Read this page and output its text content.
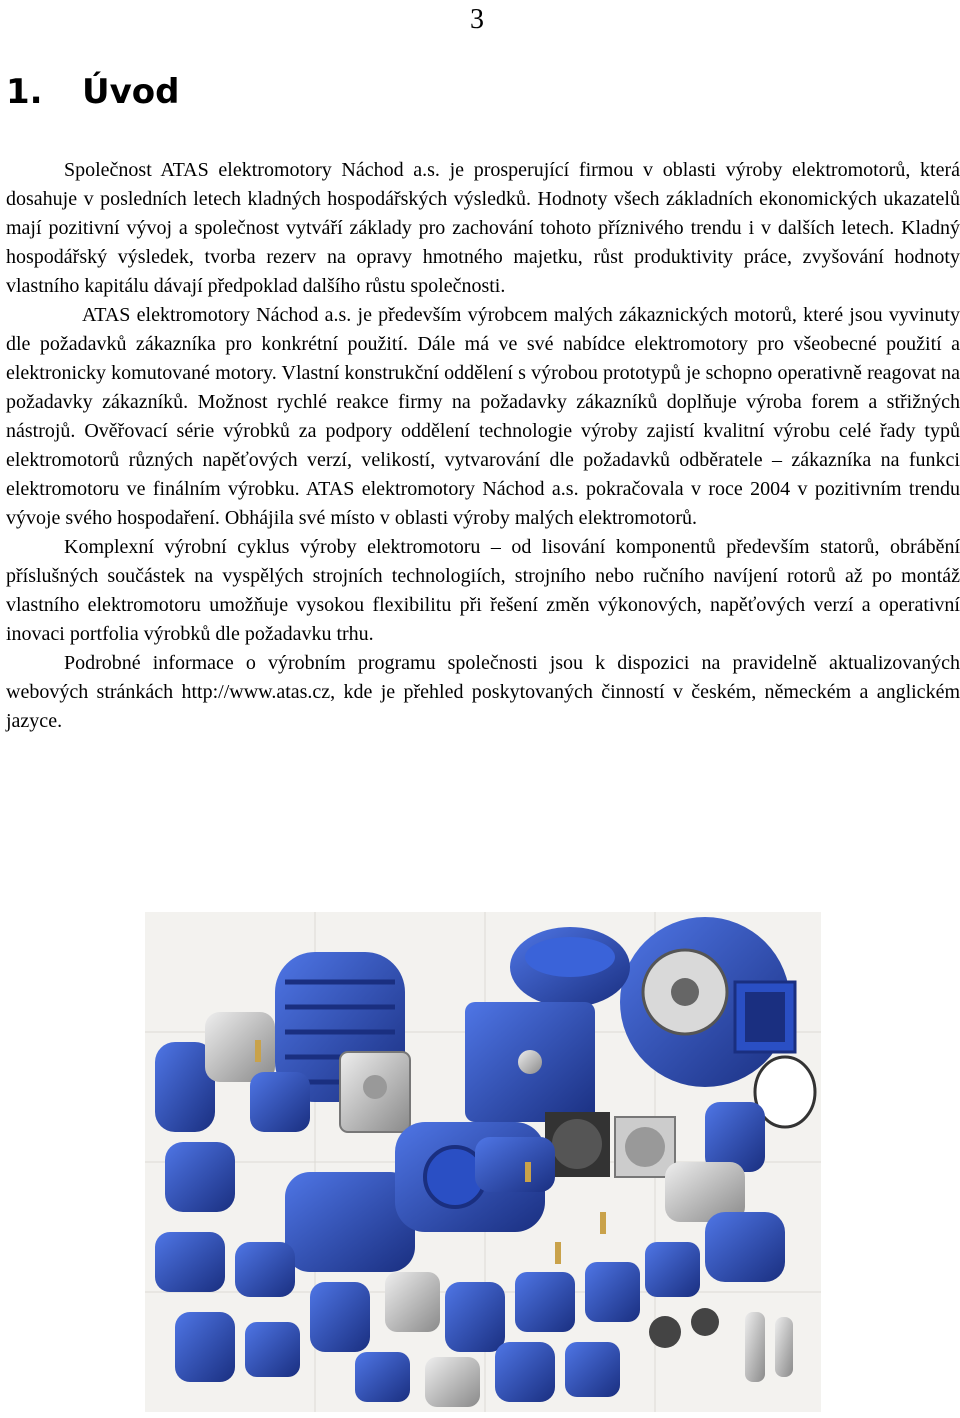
3
1. Úvod

Společnost ATAS elektromotory Náchod a.s. je prosperující firmou v oblasti výroby elektromotorů, která dosahuje v posledních letech kladných hospodářských výsledků. Hodnoty všech základních ekonomických ukazatelů mají pozitivní vývoj a společnost vytváří základy pro zachování tohoto příznivého trendu i v dalších letech. Kladný hospodářský výsledek, tvorba rezerv na opravy hmotného majetku, růst produktivity práce, zvyšování hodnoty vlastního kapitálu dávají předpoklad dalšího růstu společnosti.

ATAS elektromotory Náchod a.s. je především výrobcem malých zákaznických motorů, které jsou vyvinuty dle požadavků zákazníka pro konkrétní použití. Dále má ve své nabídce elektromotory pro všeobecné použití a elektronicky komutované motory. Vlastní konstrukční oddělení s výrobou prototypů je schopno operativně reagovat na požadavky zákazníků. Možnost rychlé reakce firmy na požadavky zákazníků doplňuje výroba forem a střižných nástrojů. Ověřovací série výrobků za podpory oddělení technologie výroby zajistí kvalitní výrobu celé řady typů elektromotorů různých napěťových verzí, velikostí, vytvarování dle požadavků odběratele – zákazníka na funkci elektromotoru ve finálním výrobku. ATAS elektromotory Náchod a.s. pokračovala v roce 2004 v pozitivním trendu vývoje svého hospodaření. Obhájila své místo v oblasti výroby malých elektromotorů.

Komplexní výrobní cyklus výroby elektromotoru – od lisování komponentů především statorů, obrábění příslušných součástek na vyspělých strojních technologiích, strojního nebo ručního navíjení rotorů až po montáž vlastního elektromotoru umožňuje vysokou flexibilitu při řešení změn výkonových, napěťových verzí a operativní inovaci portfolia výrobků dle požadavku trhu.

Podrobné informace o výrobním programu společnosti jsou k dispozici na pravidelně aktualizovaných webových stránkách http://www.atas.cz, kde je přehled poskytovaných činností v českém, německém a anglickém jazyce.
